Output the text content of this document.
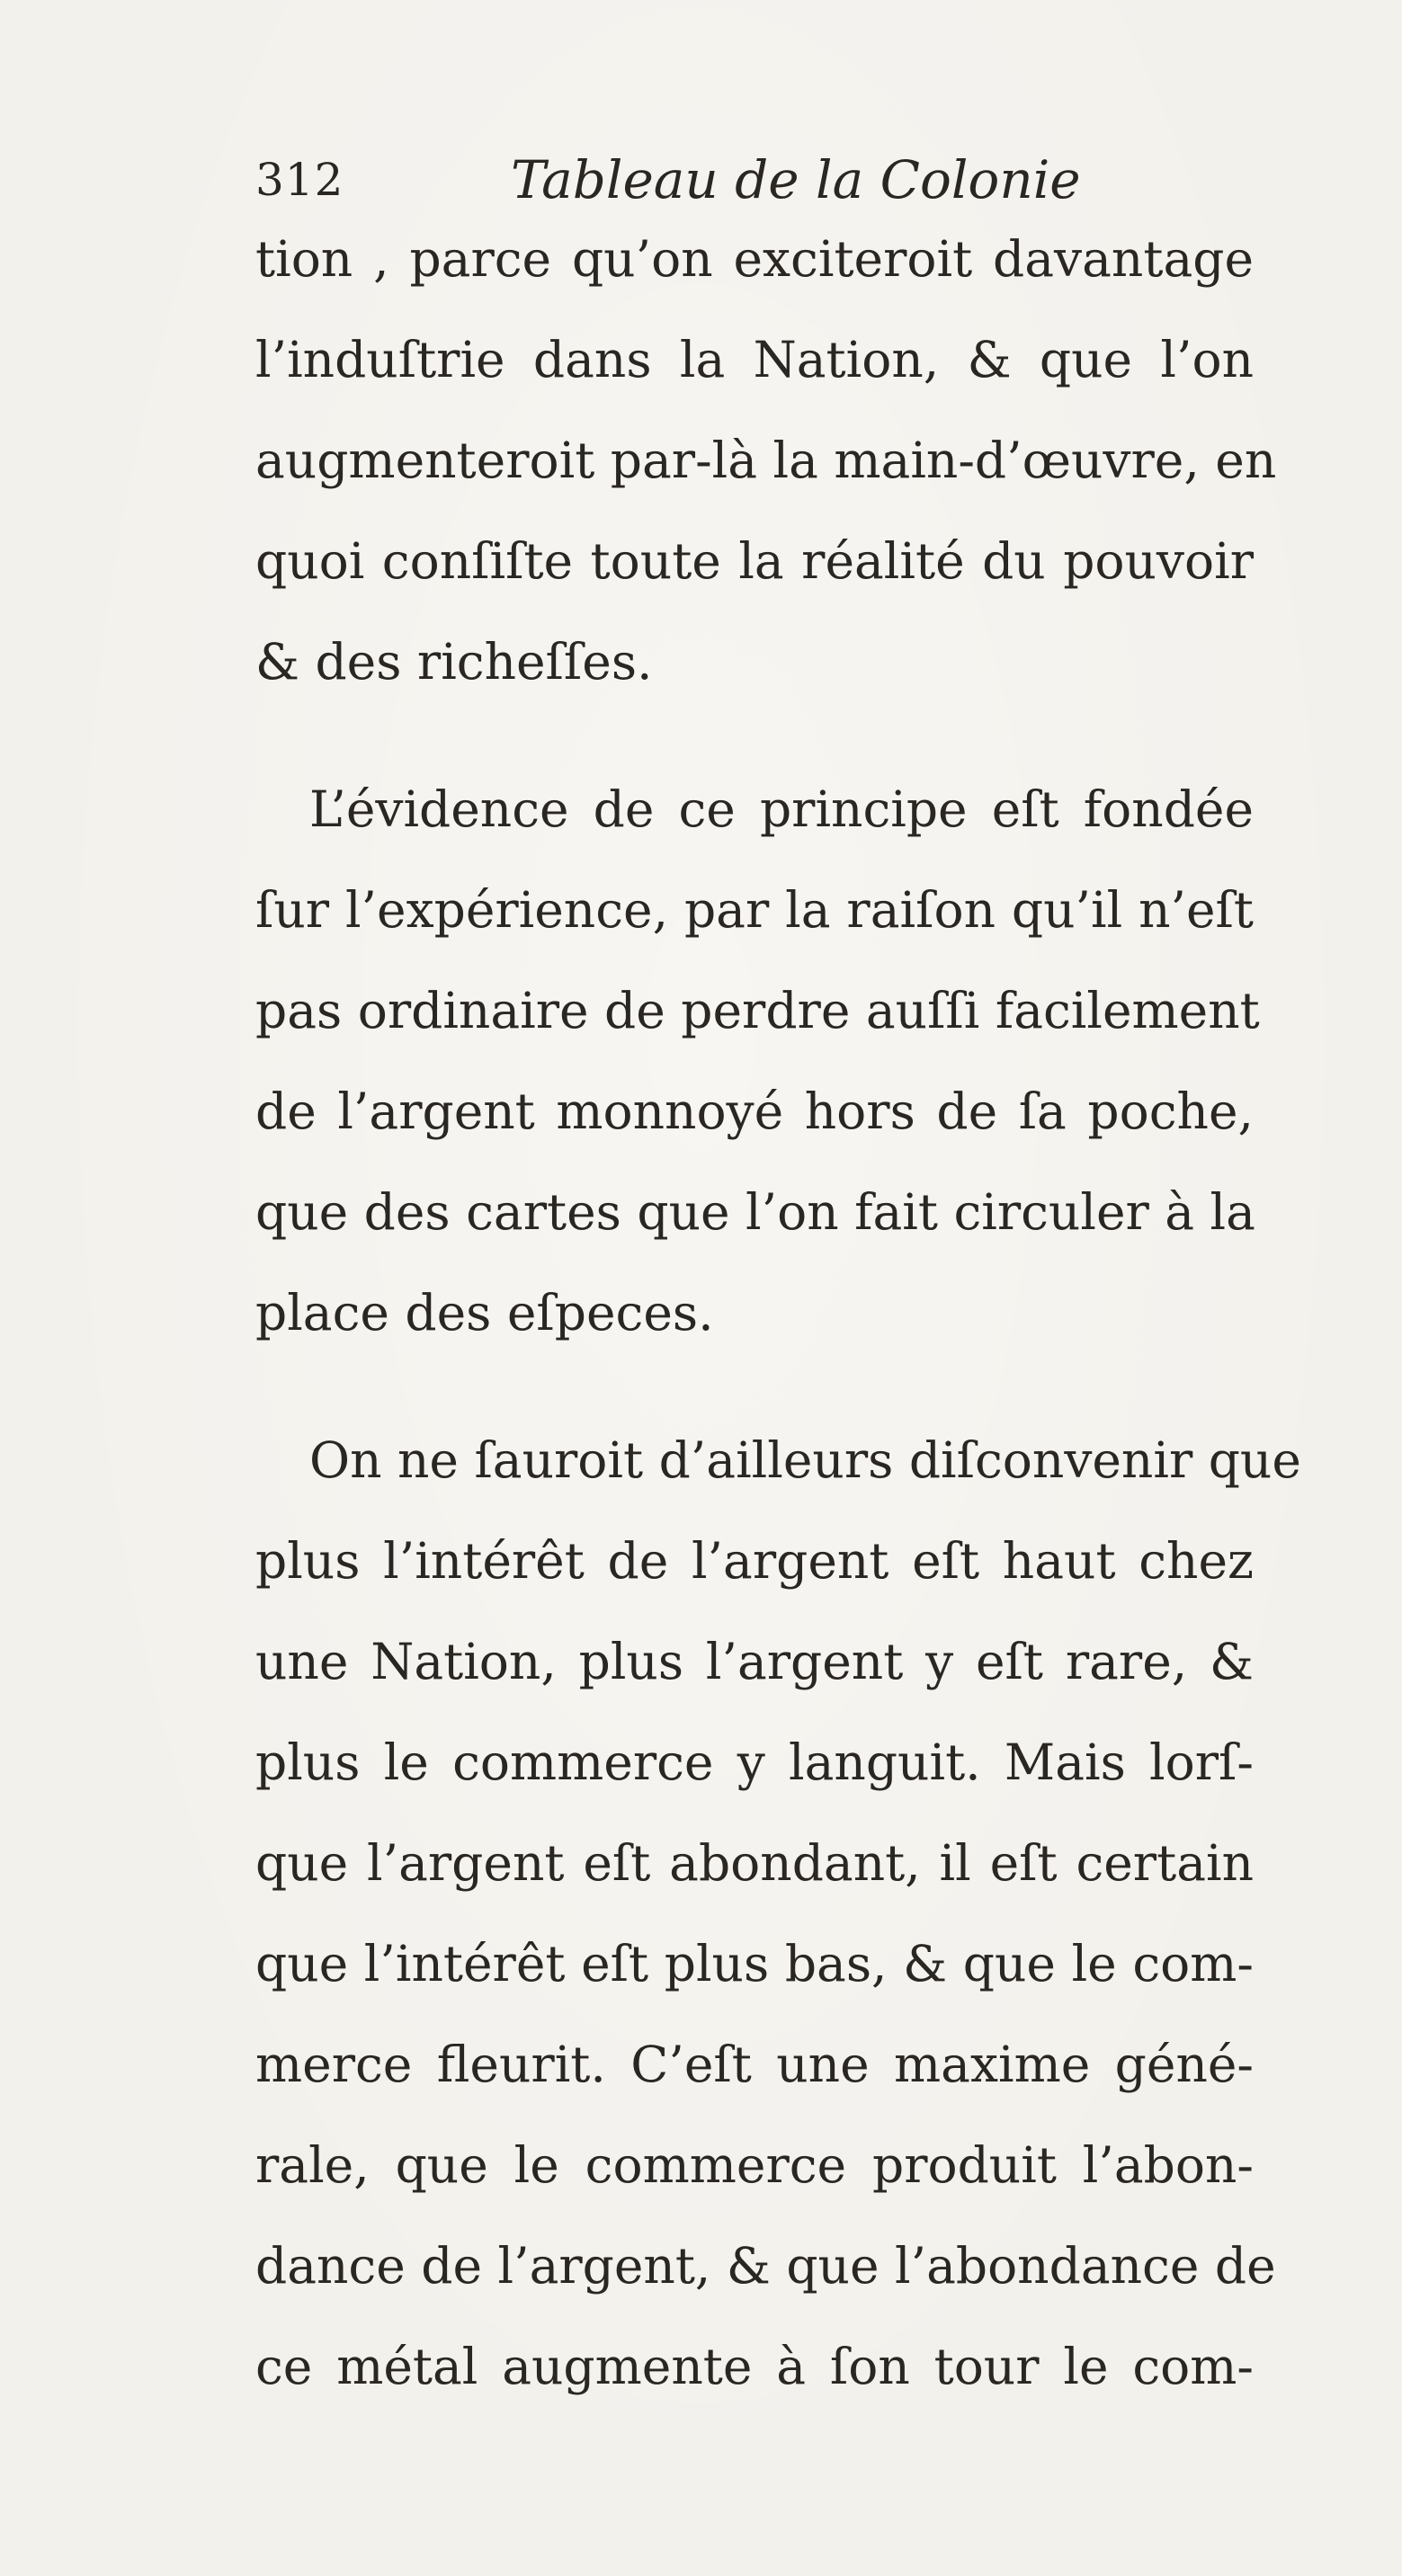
312	Tableau de la Colonie
tion , parce qu’on exciteroit davantage
l’induſtrie dans la Nation, & que l’on
augmenteroit par-là la main-d’œuvre, en
quoi conſiſte toute la réalité du pouvoir
& des richeſſes.
L’évidence de ce principe eſt fondée
ſur l’expérience, par la raiſon qu’il n’eſt
pas ordinaire de perdre auſſi facilement
de l’argent monnoyé hors de ſa poche,
que des cartes que l’on fait circuler à la
place des eſpeces.
On ne ſauroit d’ailleurs diſconvenir que
plus l’intérêt de l’argent eſt haut chez
une Nation, plus l’argent y eſt rare, &
plus le commerce y languit. Mais lorſ-
que l’argent eſt abondant, il eſt certain
que l’intérêt eſt plus bas, & que le com-
merce fleurit. C’eſt une maxime géné-
rale, que le commerce produit l’abon-
dance de l’argent, & que l’abondance de
ce métal augmente à ſon tour le com-
